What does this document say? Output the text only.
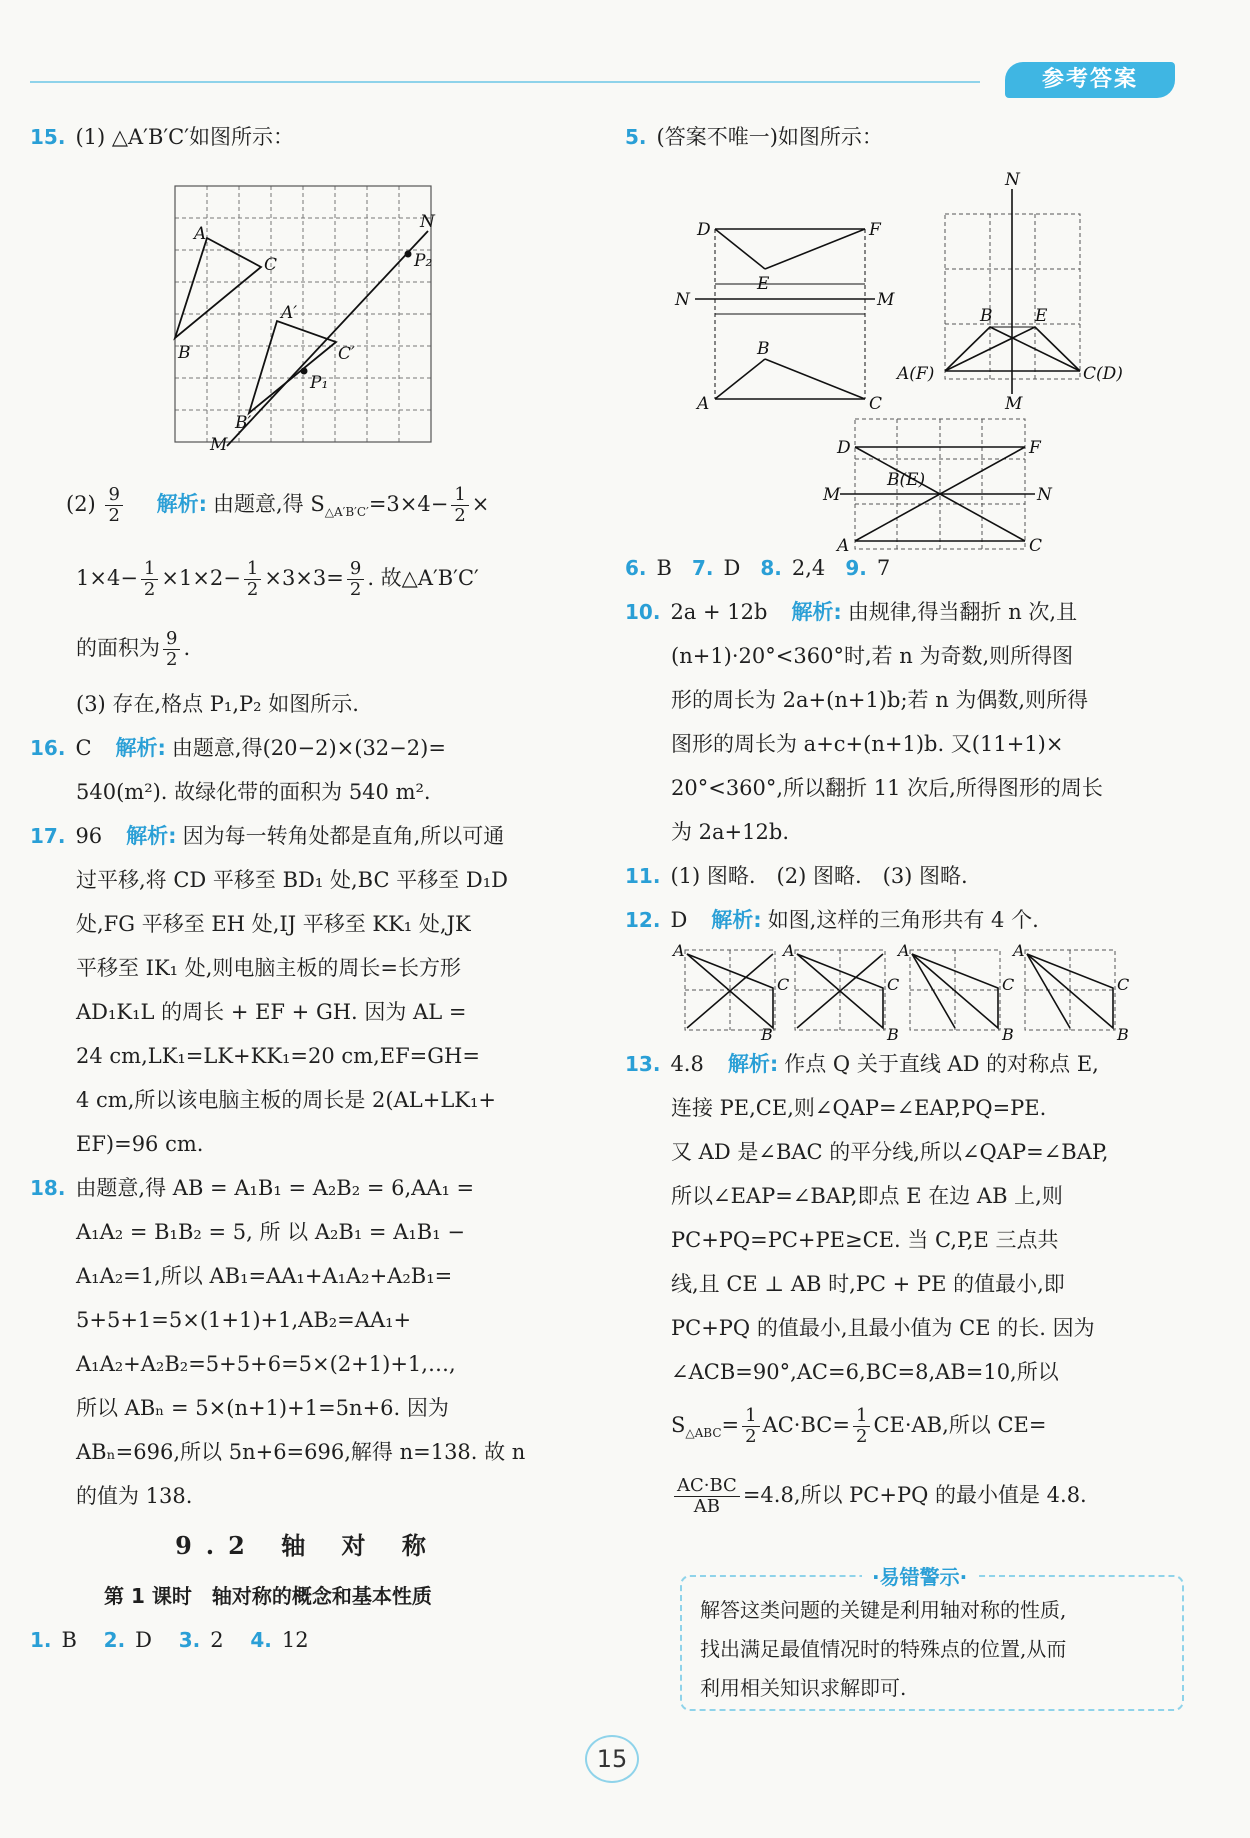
参考答案

15. (1) △A′B′C′如图所示：

A
B
C
A′
B′
C′
P₁
P₂
M
N

$(2) \frac{9}{2}$ 解析: 由题意,得 $S_{\triangle A'B'C'}=3\times 4- \frac{1}{2}$ ×

$1\times 4- \frac{1}{2} \times 1\times 2- \frac{1}{2} \times 3\times 3= \frac{9}{2}$ . 故△A′B′C′

的面积为 $\frac{9}{2}$ .

(3) 存在,格点 P₁,P₂ 如图所示.

16. C 解析: 由题意,得(20−2)×(32−2)=

540(m²). 故绿化带的面积为 540 m².

17. 96 解析: 因为每一转角处都是直角,所以可通

过平移,将 CD 平移至 BD₁ 处,BC 平移至 D₁D

处,FG 平移至 EH 处,IJ 平移至 KK₁ 处,JK

平移至 IK₁ 处,则电脑主板的周长=长方形

AD₁K₁L 的周长 + EF + GH. 因为 AL =

24 cm,LK₁=LK+KK₁=20 cm,EF=GH=

4 cm,所以该电脑主板的周长是 2(AL+LK₁+

EF)=96 cm.

18. 由题意,得 AB = A₁B₁ = A₂B₂ = 6,AA₁ =

A₁A₂ = B₁B₂ = 5, 所 以 A₂B₁ = A₁B₁ −

A₁A₂=1,所以 AB₁=AA₁+A₁A₂+A₂B₁=

5+5+1=5×(1+1)+1,AB₂=AA₁+

A₁A₂+A₂B₂=5+5+6=5×(2+1)+1,…,

所以 ABₙ = 5×(n+1)+1=5n+6. 因为

ABₙ=696,所以 5n+6=696,解得 n=138. 故 n

的值为 138.

9.2 轴 对 称

第 1 课时　轴对称的概念和基本性质

1. B 2. D 3. 2 4. 12

5. (答案不唯一)如图所示：

D	F
E
B
N	M
A	C
N
M
B	E
A(F)	C(D)
D	F
B(E)
M	N
A	C

6. B 7. D 8. 2,4 9. 7

10. 2a + 12b 解析: 由规律,得当翻折 n 次,且

(n+1)·20°<360°时,若 n 为奇数,则所得图

形的周长为 2a+(n+1)b;若 n 为偶数,则所得

图形的周长为 a+c+(n+1)b. 又(11+1)×

20°<360°,所以翻折 11 次后,所得图形的周长

为 2a+12b.

11. (1) 图略.　(2) 图略.　(3) 图略.

12. D 解析: 如图,这样的三角形共有 4 个.

A
C
B
A
C
B
A
C
B
A
C
B

13. 4.8 解析: 作点 Q 关于直线 AD 的对称点 E,

连接 PE,CE,则∠QAP=∠EAP,PQ=PE.

又 AD 是∠BAC 的平分线,所以∠QAP=∠BAP,

所以∠EAP=∠BAP,即点 E 在边 AB 上,则

PC+PQ=PC+PE≥CE. 当 C,P,E 三点共

线,且 CE ⊥ AB 时,PC + PE 的值最小,即

PC+PQ 的值最小,且最小值为 CE 的长. 因为

∠ACB=90°,AC=6,BC=8,AB=10,所以

$S_{\triangle ABC}= \frac{1}{2} AC\cdot BC= \frac{1}{2} CE\cdot AB$,所以 CE=

$\frac{AC\cdot BC}{AB} =4.8$,所以 PC+PQ 的最小值是 4.8.

·易错警示·
解答这类问题的关键是利用轴对称的性质,
找出满足最值情况时的特殊点的位置,从而
利用相关知识求解即可.
15
